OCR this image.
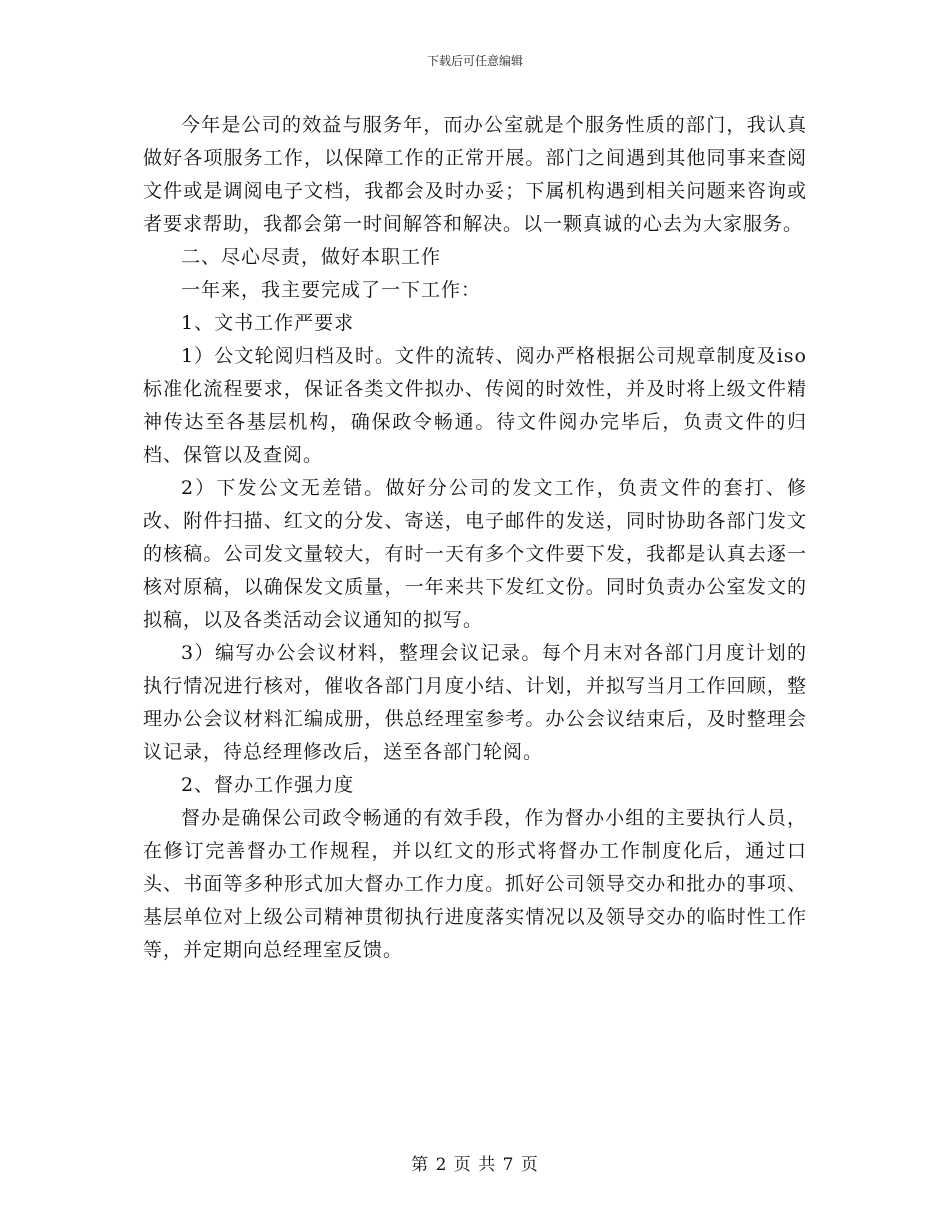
下载后可任意编辑

今年是公司的效益与服务年，而办公室就是个服务性质的部门，我认真做好各项服务工作，以保障工作的正常开展。部门之间遇到其他同事来查阅文件或是调阅电子文档，我都会及时办妥；下属机构遇到相关问题来咨询或者要求帮助，我都会第一时间解答和解决。以一颗真诚的心去为大家服务。

二、尽心尽责，做好本职工作

一年来，我主要完成了一下工作：

1、文书工作严要求

1）公文轮阅归档及时。文件的流转、阅办严格根据公司规章制度及iso标准化流程要求，保证各类文件拟办、传阅的时效性，并及时将上级文件精神传达至各基层机构，确保政令畅通。待文件阅办完毕后，负责文件的归档、保管以及查阅。

2）下发公文无差错。做好分公司的发文工作，负责文件的套打、修改、附件扫描、红文的分发、寄送，电子邮件的发送，同时协助各部门发文的核稿。公司发文量较大，有时一天有多个文件要下发，我都是认真去逐一核对原稿，以确保发文质量，一年来共下发红文份。同时负责办公室发文的拟稿，以及各类活动会议通知的拟写。

3）编写办公会议材料，整理会议记录。每个月末对各部门月度计划的执行情况进行核对，催收各部门月度小结、计划，并拟写当月工作回顾，整理办公会议材料汇编成册，供总经理室参考。办公会议结束后，及时整理会议记录，待总经理修改后，送至各部门轮阅。

2、督办工作强力度

督办是确保公司政令畅通的有效手段，作为督办小组的主要执行人员，在修订完善督办工作规程，并以红文的形式将督办工作制度化后，通过口头、书面等多种形式加大督办工作力度。抓好公司领导交办和批办的事项、基层单位对上级公司精神贯彻执行进度落实情况以及领导交办的临时性工作等，并定期向总经理室反馈。

第 2 页 共 7 页
